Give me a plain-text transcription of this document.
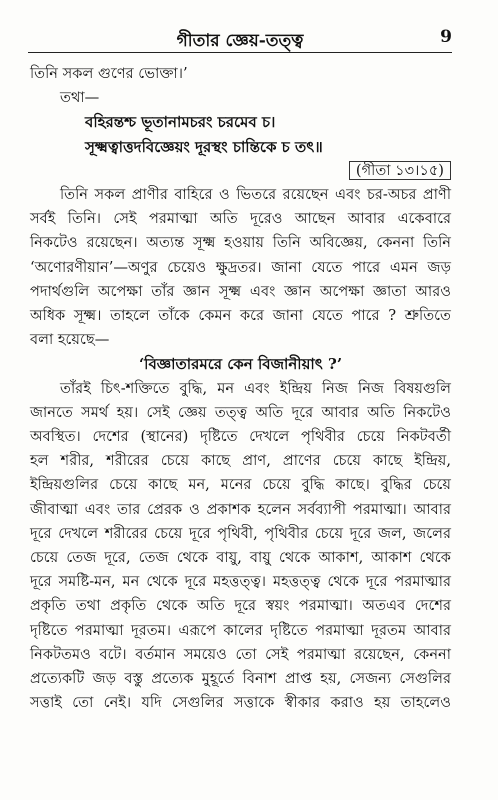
গীতার জ্ঞেয়-তত্ত্ব	9
তিনি সকল গুণের ভোক্তা।’
তথা—
বহিরন্তশ্চ ভূতানামচরং চরমেব চ।
সূক্ষ্মত্বাত্তদবিজ্ঞেয়ং দূরস্থং চান্তিকে চ তৎ॥
(গীতা ১৩।১৫)
তিনি সকল প্রাণীর বাহিরে ও ভিতরে রয়েছেন এবং চর-অচর প্রাণী
সর্বই তিনি। সেই পরমাত্মা অতি দূরেও আছেন আবার একেবারে
নিকটেও রয়েছেন। অত্যন্ত সূক্ষ্ম হওয়ায় তিনি অবিজ্ঞেয়, কেননা তিনি
‘অণোরণীয়ান’—অণুর চেয়েও ক্ষুদ্রতর। জানা যেতে পারে এমন জড়
পদার্থগুলি অপেক্ষা তাঁর জ্ঞান সূক্ষ্ম এবং জ্ঞান অপেক্ষা জ্ঞাতা আরও
অধিক সূক্ষ্ম। তাহলে তাঁকে কেমন করে জানা যেতে পারে ? শ্রুতিতে
বলা হয়েছে—
‘বিজ্ঞাতারমরে কেন বিজানীয়াৎ ?’
তাঁরই চিৎ-শক্তিতে বুদ্ধি, মন এবং ইন্দ্রিয় নিজ নিজ বিষয়গুলি
জানতে সমর্থ হয়। সেই জ্ঞেয় তত্ত্ব অতি দূরে আবার অতি নিকটেও
অবস্থিত। দেশের (স্থানের) দৃষ্টিতে দেখলে পৃথিবীর চেয়ে নিকটবর্তী
হল শরীর, শরীরের চেয়ে কাছে প্রাণ, প্রাণের চেয়ে কাছে ইন্দ্রিয়,
ইন্দ্রিয়গুলির চেয়ে কাছে মন, মনের চেয়ে বুদ্ধি কাছে। বুদ্ধির চেয়ে
জীবাত্মা এবং তার প্রেরক ও প্রকাশক হলেন সর্বব্যাপী পরমাত্মা। আবার
দূরে দেখলে শরীরের চেয়ে দূরে পৃথিবী, পৃথিবীর চেয়ে দূরে জল, জলের
চেয়ে তেজ দূরে, তেজ থেকে বায়ু, বায়ু থেকে আকাশ, আকাশ থেকে
দূরে সমষ্টি-মন, মন থেকে দূরে মহত্তত্ত্ব। মহত্তত্ত্ব থেকে দূরে পরমাত্মার
প্রকৃতি তথা প্রকৃতি থেকে অতি দূরে স্বয়ং পরমাত্মা। অতএব দেশের
দৃষ্টিতে পরমাত্মা দূরতম। এরূপে কালের দৃষ্টিতে পরমাত্মা দূরতম আবার
নিকটতমও বটে। বর্তমান সময়েও তো সেই পরমাত্মা রয়েছেন, কেননা
প্রত্যেকটি জড় বস্তু প্রত্যেক মুহূর্তে বিনাশ প্রাপ্ত হয়, সেজন্য সেগুলির
সত্তাই তো নেই। যদি সেগুলির সত্তাকে স্বীকার করাও হয় তাহলেও
